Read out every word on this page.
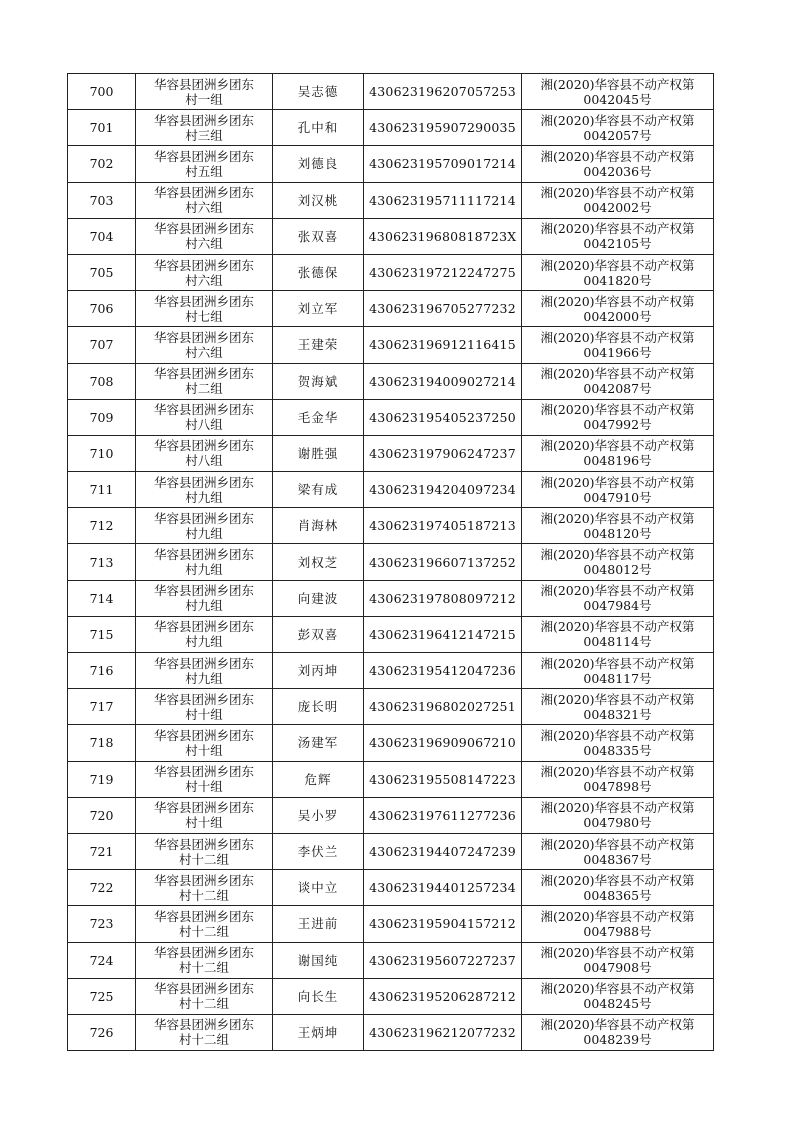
700	华容县团洲乡团东
村一组	吴志德	430623196207057253	湘(2020)华容县不动产权第
0042045号

701	华容县团洲乡团东
村三组	孔中和	430623195907290035	湘(2020)华容县不动产权第
0042057号

702	华容县团洲乡团东
村五组	刘德良	430623195709017214	湘(2020)华容县不动产权第
0042036号

703	华容县团洲乡团东
村六组	刘汉桃	430623195711117214	湘(2020)华容县不动产权第
0042002号

704	华容县团洲乡团东
村六组	张双喜	43062319680818723X	湘(2020)华容县不动产权第
0042105号

705	华容县团洲乡团东
村六组	张德保	430623197212247275	湘(2020)华容县不动产权第
0041820号

706	华容县团洲乡团东
村七组	刘立军	430623196705277232	湘(2020)华容县不动产权第
0042000号

707	华容县团洲乡团东
村六组	王建荣	430623196912116415	湘(2020)华容县不动产权第
0041966号

708	华容县团洲乡团东
村二组	贺海斌	430623194009027214	湘(2020)华容县不动产权第
0042087号

709	华容县团洲乡团东
村八组	毛金华	430623195405237250	湘(2020)华容县不动产权第
0047992号

710	华容县团洲乡团东
村八组	谢胜强	430623197906247237	湘(2020)华容县不动产权第
0048196号

711	华容县团洲乡团东
村九组	梁有成	430623194204097234	湘(2020)华容县不动产权第
0047910号

712	华容县团洲乡团东
村九组	肖海林	430623197405187213	湘(2020)华容县不动产权第
0048120号

713	华容县团洲乡团东
村九组	刘权芝	430623196607137252	湘(2020)华容县不动产权第
0048012号

714	华容县团洲乡团东
村九组	向建波	430623197808097212	湘(2020)华容县不动产权第
0047984号

715	华容县团洲乡团东
村九组	彭双喜	430623196412147215	湘(2020)华容县不动产权第
0048114号

716	华容县团洲乡团东
村九组	刘丙坤	430623195412047236	湘(2020)华容县不动产权第
0048117号

717	华容县团洲乡团东
村十组	庞长明	430623196802027251	湘(2020)华容县不动产权第
0048321号

718	华容县团洲乡团东
村十组	汤建军	430623196909067210	湘(2020)华容县不动产权第
0048335号

719	华容县团洲乡团东
村十组	危辉	430623195508147223	湘(2020)华容县不动产权第
0047898号

720	华容县团洲乡团东
村十组	吴小罗	430623197611277236	湘(2020)华容县不动产权第
0047980号

721	华容县团洲乡团东
村十二组	李伏兰	430623194407247239	湘(2020)华容县不动产权第
0048367号

722	华容县团洲乡团东
村十二组	谈中立	430623194401257234	湘(2020)华容县不动产权第
0048365号

723	华容县团洲乡团东
村十二组	王进前	430623195904157212	湘(2020)华容县不动产权第
0047988号

724	华容县团洲乡团东
村十二组	谢国纯	430623195607227237	湘(2020)华容县不动产权第
0047908号

725	华容县团洲乡团东
村十二组	向长生	430623195206287212	湘(2020)华容县不动产权第
0048245号

726	华容县团洲乡团东
村十二组	王炳坤	430623196212077232	湘(2020)华容县不动产权第
0048239号
